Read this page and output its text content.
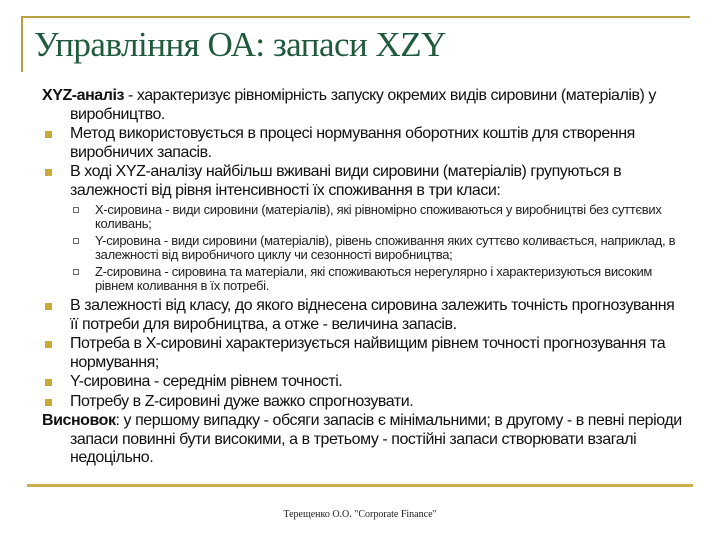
Управління ОА: запаси XZY
XYZ-аналіз - характеризує рівномірність запуску окремих видів сировини (матеріалів) у виробництво.
Метод використовується в процесі нормування оборотних коштів для створення виробничих запасів.
В ході XYZ-аналізу найбільш вживані види сировини (матеріалів) групуються в залежності від рівня інтенсивності їх споживання в три класи:
X-сировина - види сировини (матеріалів), які рівномірно споживаються у виробництві без суттєвих коливань;
Y-сировина - види сировини (матеріалів), рівень споживання яких суттєво коливається, наприклад, в залежності від виробничого циклу чи сезонності виробництва;
Z-сировина - сировина та матеріали, які споживаються нерегулярно і характеризуються високим рівнем коливання в їх потребі.
В залежності від класу, до якого віднесена сировина залежить точність прогнозування її потреби для виробництва, а отже - величина запасів.
Потреба в X-сировині характеризується найвищим рівнем точності прогнозування та нормування;
Y-сировина - середнім рівнем точності.
Потребу в Z-сировині дуже важко спрогнозувати.
Висновок: у першому випадку - обсяги запасів є мінімальними; в другому - в певні періоди запаси повинні бути високими, а в третьому - постійні запаси створювати взагалі недоцільно.
Терещенко О.О. "Corporate Finance"
